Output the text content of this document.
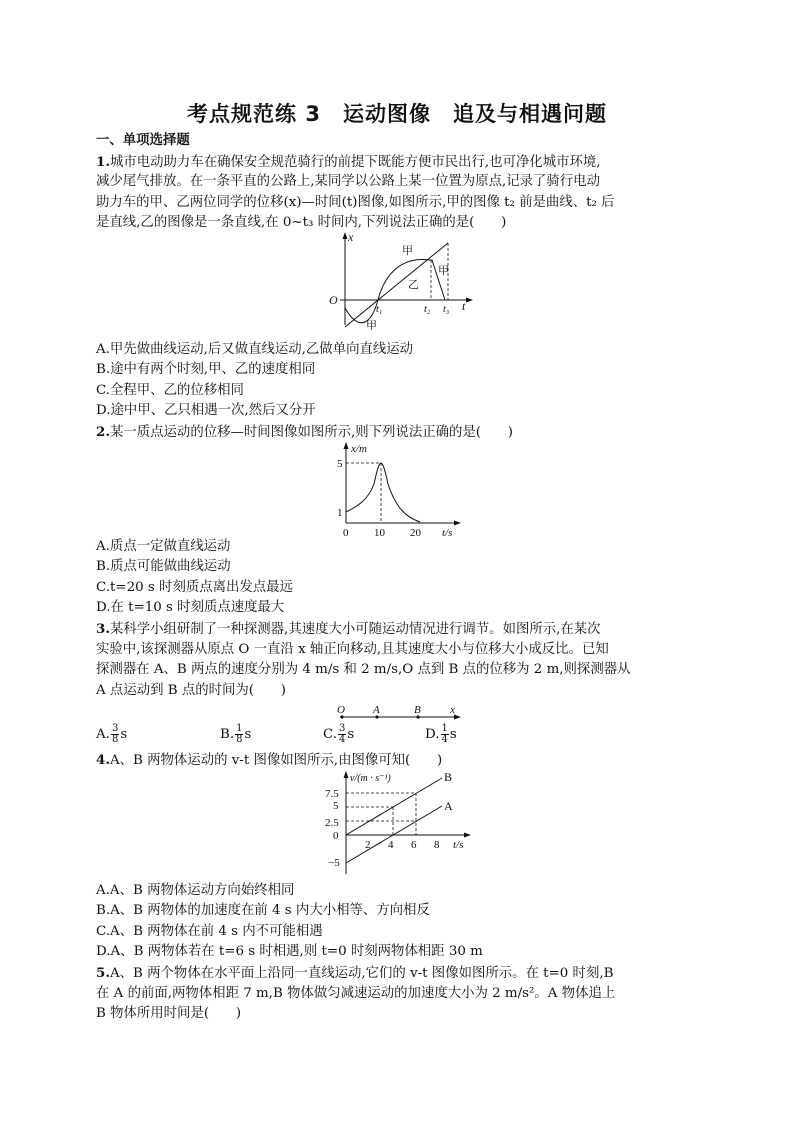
考点规范练 3　运动图像　追及与相遇问题
一、单项选择题
1.城市电动助力车在确保安全规范骑行的前提下既能方便市民出行,也可净化城市环境,
减少尾气排放。在一条平直的公路上,某同学以公路上某一位置为原点,记录了骑行电动
助力车的甲、乙两位同学的位移(x)—时间(t)图像,如图所示,甲的图像 t₂ 前是曲线、t₂ 后
是直线,乙的图像是一条直线,在 0~t₃ 时间内,下列说法正确的是(　　)
x
t
O
甲
乙
甲
甲
t₁	t₂ t₃
A.甲先做曲线运动,后又做直线运动,乙做单向直线运动
B.途中有两个时刻,甲、乙的速度相同
C.全程甲、乙的位移相同
D.途中甲、乙只相遇一次,然后又分开
2.某一质点运动的位移—时间图像如图所示,则下列说法正确的是(　　)
x/m
t/s
5
1
0 10 20
A.质点一定做直线运动
B.质点可能做曲线运动
C.t=20 s 时刻质点离出发点最远
D.在 t=10 s 时刻质点速度最大
3.某科学小组研制了一种探测器,其速度大小可随运动情况进行调节。如图所示,在某次
实验中,该探测器从原点 O 一直沿 x 轴正向移动,且其速度大小与位移大小成反比。已知
探测器在 A、B 两点的速度分别为 4 m/s 和 2 m/s,O 点到 B 点的位移为 2 m,则探测器从
A 点运动到 B 点的时间为(　　)
O	A	B	x
A. $\frac{3}{8}$ s	B. $\frac{1}{8}$ s	C. $\frac{3}{4}$ s	D. $\frac{1}{4}$ s
4.A、B 两物体运动的 v-t 图像如图所示,由图像可知(　　)
v/(m · s⁻¹)
t/s
7.5
5
2.5
0
−5
2 4 6 8
B
A
A.A、B 两物体运动方向始终相同
B.A、B 两物体的加速度在前 4 s 内大小相等、方向相反
C.A、B 两物体在前 4 s 内不可能相遇
D.A、B 两物体若在 t=6 s 时相遇,则 t=0 时刻两物体相距 30 m
5.A、B 两个物体在水平面上沿同一直线运动,它们的 v-t 图像如图所示。在 t=0 时刻,B
在 A 的前面,两物体相距 7 m,B 物体做匀减速运动的加速度大小为 2 m/s²。A 物体追上
B 物体所用时间是(　　)
